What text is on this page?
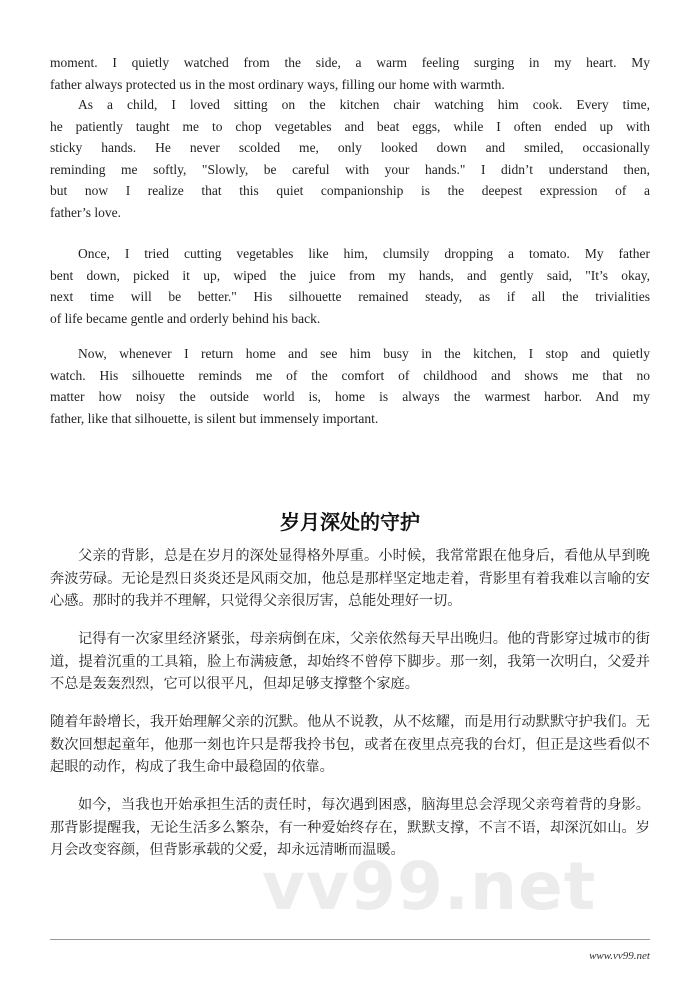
moment. I quietly watched from the side, a warm feeling surging in my heart. My
father always protected us in the most ordinary ways, filling our home with warmth.
As a child, I loved sitting on the kitchen chair watching him cook. Every time,
he patiently taught me to chop vegetables and beat eggs, while I often ended up with
sticky hands. He never scolded me, only looked down and smiled, occasionally
reminding me softly, "Slowly, be careful with your hands." I didn’t understand then,
but now I realize that this quiet companionship is the deepest expression of a
father’s love.
Once, I tried cutting vegetables like him, clumsily dropping a tomato. My father
bent down, picked it up, wiped the juice from my hands, and gently said, "It’s okay,
next time will be better." His silhouette remained steady, as if all the trivialities
of life became gentle and orderly behind his back.
Now, whenever I return home and see him busy in the kitchen, I stop and quietly
watch. His silhouette reminds me of the comfort of childhood and shows me that no
matter how noisy the outside world is, home is always the warmest harbor. And my
father, like that silhouette, is silent but immensely important.
岁月深处的守护
父亲的背影，总是在岁月的深处显得格外厚重。小时候，我常常跟在他身后，看他从早到晚
奔波劳碌。无论是烈日炎炎还是风雨交加，他总是那样坚定地走着，背影里有着我难以言喻的安
心感。那时的我并不理解，只觉得父亲很厉害，总能处理好一切。
记得有一次家里经济紧张，母亲病倒在床，父亲依然每天早出晚归。他的背影穿过城市的街
道，提着沉重的工具箱，脸上布满疲惫，却始终不曾停下脚步。那一刻，我第一次明白，父爱并
不总是轰轰烈烈，它可以很平凡，但却足够支撑整个家庭。
随着年龄增长，我开始理解父亲的沉默。他从不说教，从不炫耀，而是用行动默默守护我们。无
数次回想起童年，他那一刻也许只是帮我拎书包，或者在夜里点亮我的台灯，但正是这些看似不
起眼的动作，构成了我生命中最稳固的依靠。
如今，当我也开始承担生活的责任时，每次遇到困惑，脑海里总会浮现父亲弯着背的身影。
那背影提醒我，无论生活多么繁杂，有一种爱始终存在，默默支撑，不言不语，却深沉如山。岁
月会改变容颜，但背影承载的父爱，却永远清晰而温暖。
vv99.net
www.vv99.net
